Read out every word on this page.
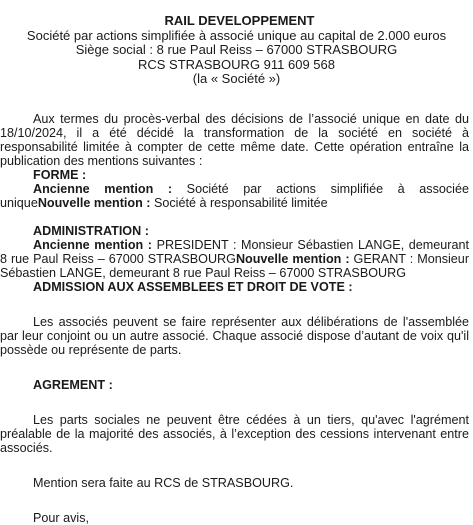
RAIL DEVELOPPEMENT
Société par actions simplifiée à associé unique au capital de 2.000 euros
Siège social : 8 rue Paul Reiss – 67000 STRASBOURG
RCS STRASBOURG 911 609 568
(la « Société »)

Aux termes du procès-verbal des décisions de l’associé unique en date du 18/10/2024, il a été décidé la transformation de la société en société à responsabilité limitée à compter de cette même date. Cette opération entraîne la publication des mentions suivantes :

FORME :

Ancienne mention : Société par actions simplifiée à associée uniqueNouvelle mention : Société à responsabilité limitée

ADMINISTRATION :

Ancienne mention : PRESIDENT : Monsieur Sébastien LANGE, demeurant 8 rue Paul Reiss – 67000 STRASBOURGNouvelle mention : GERANT : Monsieur Sébastien LANGE, demeurant 8 rue Paul Reiss – 67000 STRASBOURG

ADMISSION AUX ASSEMBLEES ET DROIT DE VOTE :

Les associés peuvent se faire représenter aux délibérations de l'assemblée par leur conjoint ou un autre associé. Chaque associé dispose d’autant de voix qu'il possède ou représente de parts.

AGREMENT :

Les parts sociales ne peuvent être cédées à un tiers, qu'avec l'agrément préalable de la majorité des associés, à l’exception des cessions intervenant entre associés.

Mention sera faite au RCS de STRASBOURG.

Pour avis,
